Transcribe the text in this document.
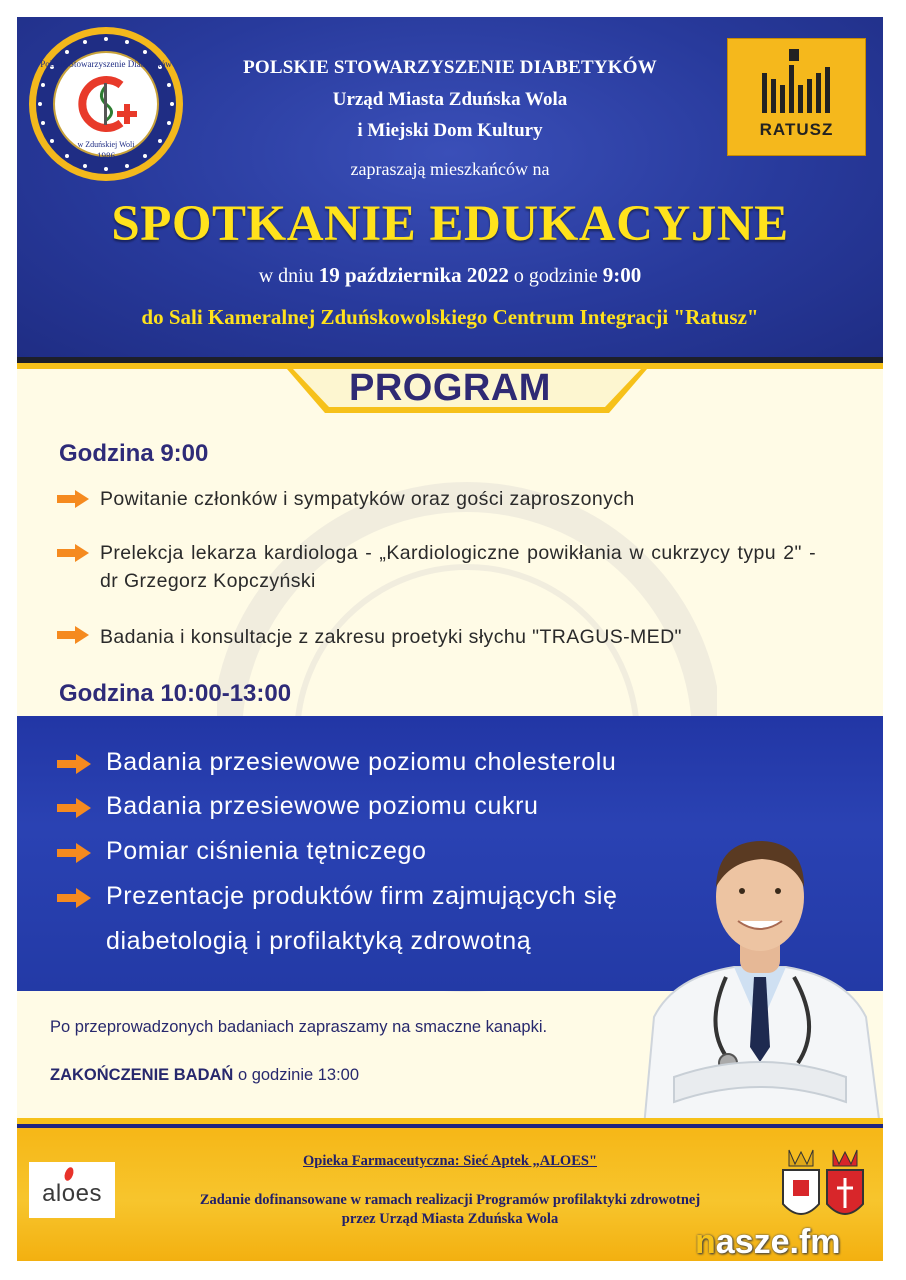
Polskie Stowarzyszenie Diabetyków
w Zduńskiej Woli
1986
POLSKIE STOWARZYSZENIE DIABETYKÓW
Urząd Miasta Zduńska Wola
i Miejski Dom Kultury
zapraszają mieszkańców na
SPOTKANIE EDUKACYJNE
w dniu 19 października 2022 o godzinie 9:00
do Sali Kameralnej Zduńskowolskiego Centrum Integracji "Ratusz"
RATUSZ
PROGRAM
Godzina 9:00
Powitanie członków i sympatyków oraz gości zaproszonych
Prelekcja lekarza kardiologa - „Kardiologiczne powikłania w cukrzycy typu 2" - dr Grzegorz Kopczyński
Badania i konsultacje z zakresu proetyki słychu "TRAGUS-MED"
Godzina 10:00-13:00
Badania przesiewowe poziomu cholesterolu
Badania przesiewowe poziomu cukru
Pomiar ciśnienia tętniczego
Prezentacje produktów firm zajmujących się
diabetologią i profilaktyką zdrowotną
Po przeprowadzonych badaniach zapraszamy na smaczne kanapki.
ZAKOŃCZENIE BADAŃ o godzinie 13:00
aloes
Opieka Farmaceutyczna: Sieć Aptek „ALOES"
Zadanie dofinansowane w ramach realizacji Programów profilaktyki zdrowotnej
przez Urząd Miasta Zduńska Wola
nasze.fm
